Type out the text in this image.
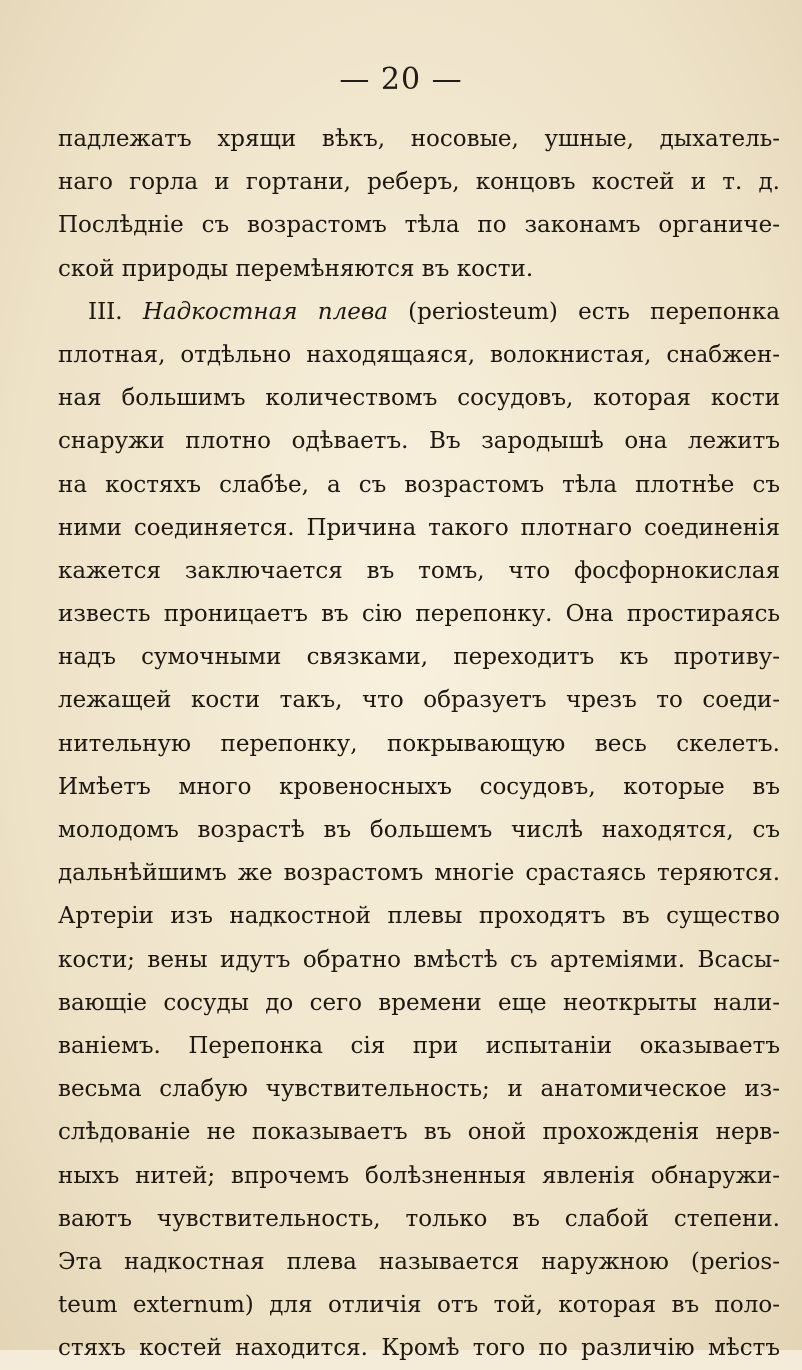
— 20 —
падлежатъ хрящи вѣкъ, носовые, ушные, дыхатель-
наго горла и гортани, реберъ, концовъ костей и т. д.
Послѣдніе съ возрастомъ тѣла по законамъ органиче-
ской природы перемѣняются въ кости.
III. Надкостная плева (periosteum) есть перепонка
плотная, отдѣльно находящаяся, волокнистая, снабжен-
ная большимъ количествомъ сосудовъ, которая кости
снаружи плотно одѣваетъ. Въ зародышѣ она лежитъ
на костяхъ слабѣе, а съ возрастомъ тѣла плотнѣе съ
ними соединяется. Причина такого плотнаго соединенія
кажется заключается въ томъ, что фосфорнокислая
известь проницаетъ въ сію перепонку. Она простираясь
надъ сумочными связками, переходитъ къ противу-
лежащей кости такъ, что образуетъ чрезъ то соеди-
нительную перепонку, покрывающую весь скелетъ.
Имѣетъ много кровеносныхъ сосудовъ, которые въ
молодомъ возрастѣ въ большемъ числѣ находятся, съ
дальнѣйшимъ же возрастомъ многіе срастаясь теряются.
Артеріи изъ надкостной плевы проходятъ въ существо
кости; вены идутъ обратно вмѣстѣ съ артеміями. Всасы-
вающіе сосуды до сего времени еще неоткрыты нали-
ваніемъ. Перепонка сія при испытаніи оказываетъ
весьма слабую чувствительность; и анатомическое из-
слѣдованіе не показываетъ въ оной прохожденія нерв-
ныхъ нитей; впрочемъ болѣзненныя явленія обнаружи-
ваютъ чувствительность, только въ слабой степени.
Эта надкостная плева называется наружною (perios-
teum externum) для отличія отъ той, которая въ поло-
стяхъ костей находится. Кромѣ того по различію мѣстъ
